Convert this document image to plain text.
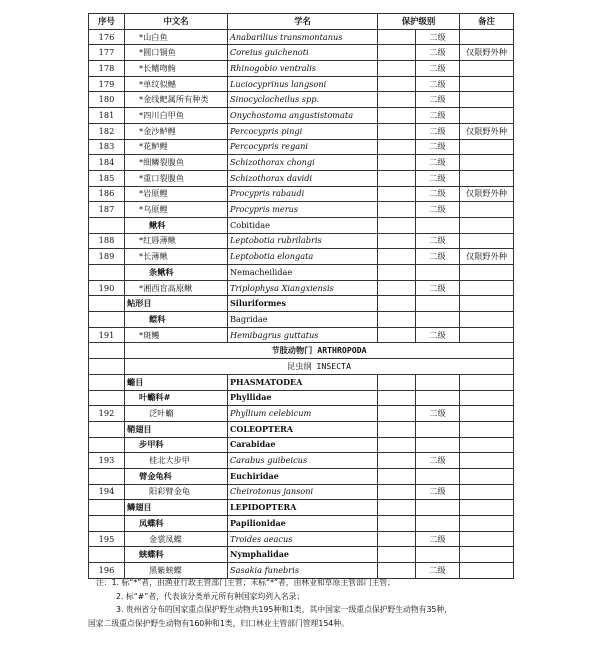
序号	中文名	学名	保护级别		备注
176	*山白鱼	Anabarilius transmontanus		二级	
177	*圆口铜鱼	Coreius guichenoti		二级	仅限野外种
178	*长鳍吻鮈	Rhinogobio ventralis		二级	
179	*单纹似鳡	Luciocyprinus langsoni		二级	
180	*金线鲃属所有种类	Sinocyclocheilus spp.		二级	
181	*四川白甲鱼	Onychostoma angustistomata		二级	
182	*金沙鲈鲤	Percocypris pingi		二级	仅限野外种
183	*花鲈鲤	Percocypris regani		二级	
184	*细鳞裂腹鱼	Schizothorax chongi		二级	
185	*重口裂腹鱼	Schizothorax davidi		二级	
186	*岩原鲤	Procypris rabaudi		二级	仅限野外种
187	*乌原鲤	Procypris merus		二级	
	鳅科	Cobitidae			
188	*红唇薄鳅	Leptobotia rubrilabris		二级	
189	*长薄鳅	Leptobotia elongata		二级	仅限野外种
	条鳅科	Nemacheilidae			
190	*湘西盲高原鳅	Triplophysa Xiangxiensis		二级	
	鲇形目	Siluriformes			
	鲿科	Bagridae			
191	*斑鳠	Hemibagrus guttatus		二级	
	节肢动物门 ARTHROPODA				
	昆虫纲 INSECTA				
	䗛目	PHASMATODEA			
	叶䗛科#	Phyllidae			
192	泛叶䗛	Phyllium celebicum		二级	
	鞘翅目	COLEOPTERA			
	步甲科	Carabidae			
193	桂北大步甲	Carabus guibeicus		二级	
	臂金龟科	Euchiridae			
194	阳彩臂金龟	Cheirotonus jansoni		二级	
	鳞翅目	LEPIDOPTERA			
	凤蝶科	Papilionidae			
195	金裳凤蝶	Troides aeacus		二级	
	蛱蝶科	Nymphalidae			
196	黑紫蛱蝶	Sasakia funebris		二级	
注：1. 标“*”者，由渔业行政主管部门主管；未标“*”者，由林业和草原主管部门主管；
2. 标“#”者，代表该分类单元所有种国家均列入名录；
3. 贵州省分布的国家重点保护野生动物共195种和1类，其中国家一级重点保护野生动物有35种，
国家二级重点保护野生动物有160种和1类，归口林业主管部门管理154种。
